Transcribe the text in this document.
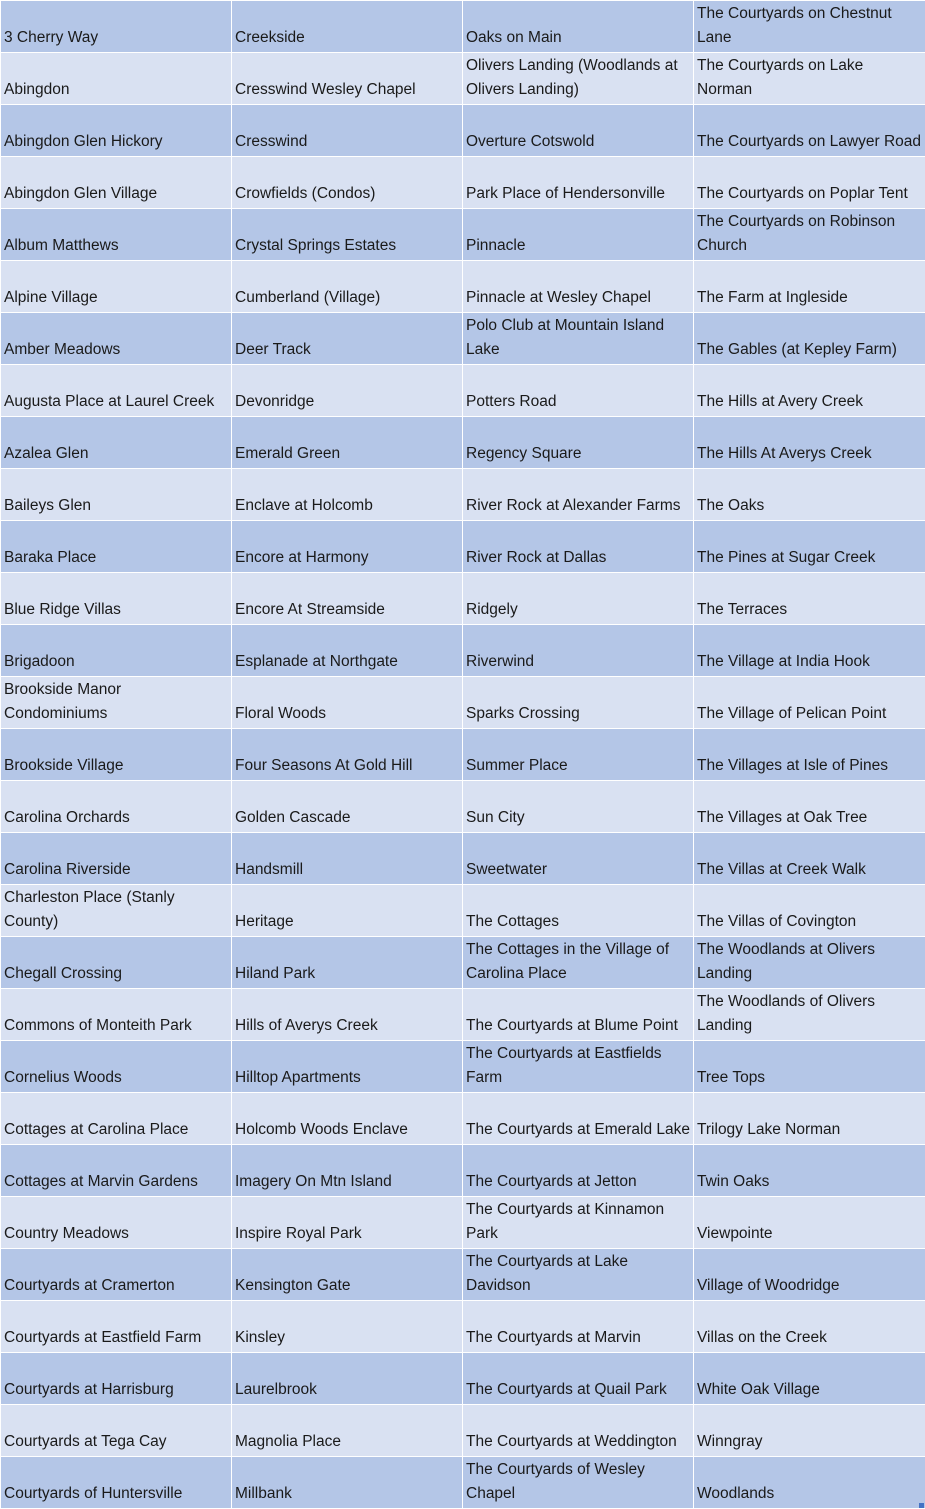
3 Cherry Way	Creekside	Oaks on Main	The Courtyards on Chestnut Lane
Abingdon	Cresswind Wesley Chapel	Olivers Landing (Woodlands at Olivers Landing)	The Courtyards on Lake Norman
Abingdon Glen Hickory	Cresswind	Overture Cotswold	The Courtyards on Lawyer Road
Abingdon Glen Village	Crowfields (Condos)	Park Place of Hendersonville	The Courtyards on Poplar Tent
Album Matthews	Crystal Springs Estates	Pinnacle	The Courtyards on Robinson Church
Alpine Village	Cumberland (Village)	Pinnacle at Wesley Chapel	The Farm at Ingleside
Amber Meadows	Deer Track	Polo Club at Mountain Island Lake	The Gables (at Kepley Farm)
Augusta Place at Laurel Creek	Devonridge	Potters Road	The Hills at Avery Creek
Azalea Glen	Emerald Green	Regency Square	The Hills At Averys Creek
Baileys Glen	Enclave at Holcomb	River Rock at Alexander Farms	The Oaks
Baraka Place	Encore at Harmony	River Rock at Dallas	The Pines at Sugar Creek
Blue Ridge Villas	Encore At Streamside	Ridgely	The Terraces
Brigadoon	Esplanade at Northgate	Riverwind	The Village at India Hook
Brookside Manor Condominiums	Floral Woods	Sparks Crossing	The Village of Pelican Point
Brookside Village	Four Seasons At Gold Hill	Summer Place	The Villages at Isle of Pines
Carolina Orchards	Golden Cascade	Sun City	The Villages at Oak Tree
Carolina Riverside	Handsmill	Sweetwater	The Villas at Creek Walk
Charleston Place (Stanly County)	Heritage	The Cottages	The Villas of Covington
Chegall Crossing	Hiland Park	The Cottages in the Village of Carolina Place	The Woodlands at Olivers Landing
Commons of Monteith Park	Hills of Averys Creek	The Courtyards at Blume Point	The Woodlands of Olivers Landing
Cornelius Woods	Hilltop Apartments	The Courtyards at Eastfields Farm	Tree Tops
Cottages at Carolina Place	Holcomb Woods Enclave	The Courtyards at Emerald Lake	Trilogy Lake Norman
Cottages at Marvin Gardens	Imagery On Mtn Island	The Courtyards at Jetton	Twin Oaks
Country Meadows	Inspire Royal Park	The Courtyards at Kinnamon Park	Viewpointe
Courtyards at Cramerton	Kensington Gate	The Courtyards at Lake Davidson	Village of Woodridge
Courtyards at Eastfield Farm	Kinsley	The Courtyards at Marvin	Villas on the Creek
Courtyards at Harrisburg	Laurelbrook	The Courtyards at Quail Park	White Oak Village
Courtyards at Tega Cay	Magnolia Place	The Courtyards at Weddington	Winngray
Courtyards of Huntersville	Millbank	The Courtyards of Wesley Chapel	Woodlands
